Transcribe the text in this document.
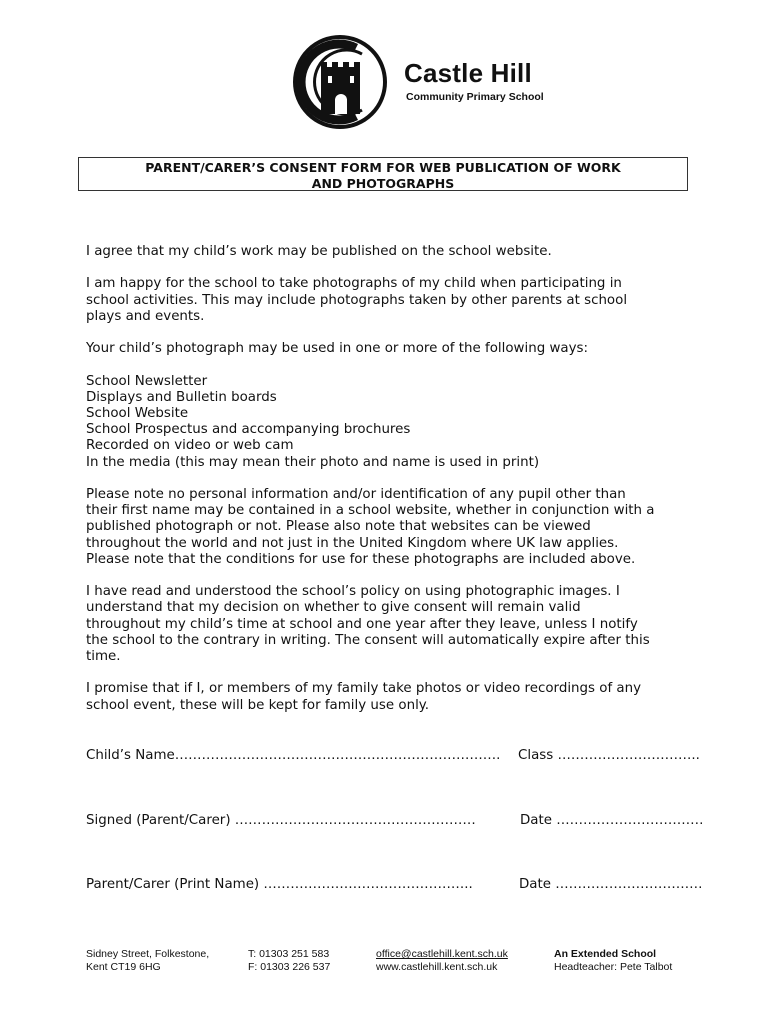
Castle Hill
Community Primary School
PARENT/CARER’S CONSENT FORM FOR WEB PUBLICATION OF WORK
AND PHOTOGRAPHS

I agree that my child’s work may be published on the school website.

I am happy for the school to take photographs of my child when participating in
school activities. This may include photographs taken by other parents at school
plays and events.

Your child’s photograph may be used in one or more of the following ways:

School Newsletter
Displays and Bulletin boards
School Website
School Prospectus and accompanying brochures
Recorded on video or web cam
In the media (this may mean their photo and name is used in print)

Please note no personal information and/or identification of any pupil other than
their first name may be contained in a school website, whether in conjunction with a
published photograph or not. Please also note that websites can be viewed
throughout the world and not just in the United Kingdom where UK law applies.
Please note that the conditions for use for these photographs are included above.

I have read and understood the school’s policy on using photographic images. I
understand that my decision on whether to give consent will remain valid
throughout my child’s time at school and one year after they leave, unless I notify
the school to the contrary in writing. The consent will automatically expire after this
time.

I promise that if I, or members of my family take photos or video recordings of any
school event, these will be kept for family use only.

Child’s Name………………………………………………………………. Class …………………………..
Signed (Parent/Carer) ………………………………………………	Date ……………………………
Parent/Carer (Print Name) ………………………………………..	Date ……………………………
Sidney Street, Folkestone,
Kent CT19 6HG
T: 01303 251 583
F: 01303 226 537
office@castlehill.kent.sch.uk
www.castlehill.kent.sch.uk
An Extended School
Headteacher: Pete Talbot
